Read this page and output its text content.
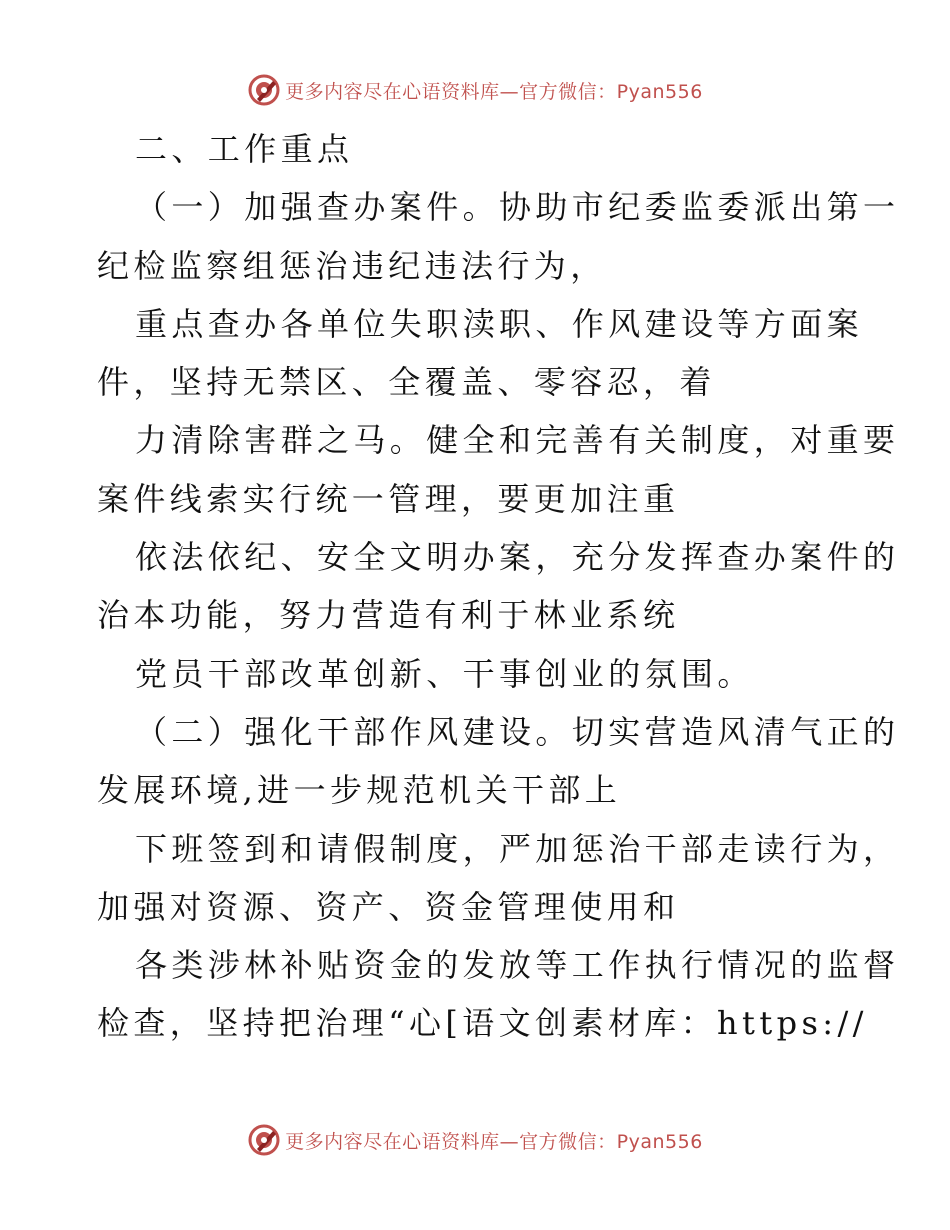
更多内容尽在心语资料库—官方微信：Pyan556
二、工作重点
（一）加强查办案件。协助市纪委监委派出第一
纪检监察组惩治违纪违法行为，
重点查办各单位失职渎职、作风建设等方面案
件，坚持无禁区、全覆盖、零容忍，着
力清除害群之马。健全和完善有关制度，对重要
案件线索实行统一管理，要更加注重
依法依纪、安全文明办案，充分发挥查办案件的
治本功能，努力营造有利于林业系统
党员干部改革创新、干事创业的氛围。
（二）强化干部作风建设。切实营造风清气正的
发展环境,进一步规范机关干部上
下班签到和请假制度，严加惩治干部走读行为，
加强对资源、资产、资金管理使用和
各类涉林补贴资金的发放等工作执行情况的监督
检查，坚持把治理“心[语文创素材库：https://
更多内容尽在心语资料库—官方微信：Pyan556
